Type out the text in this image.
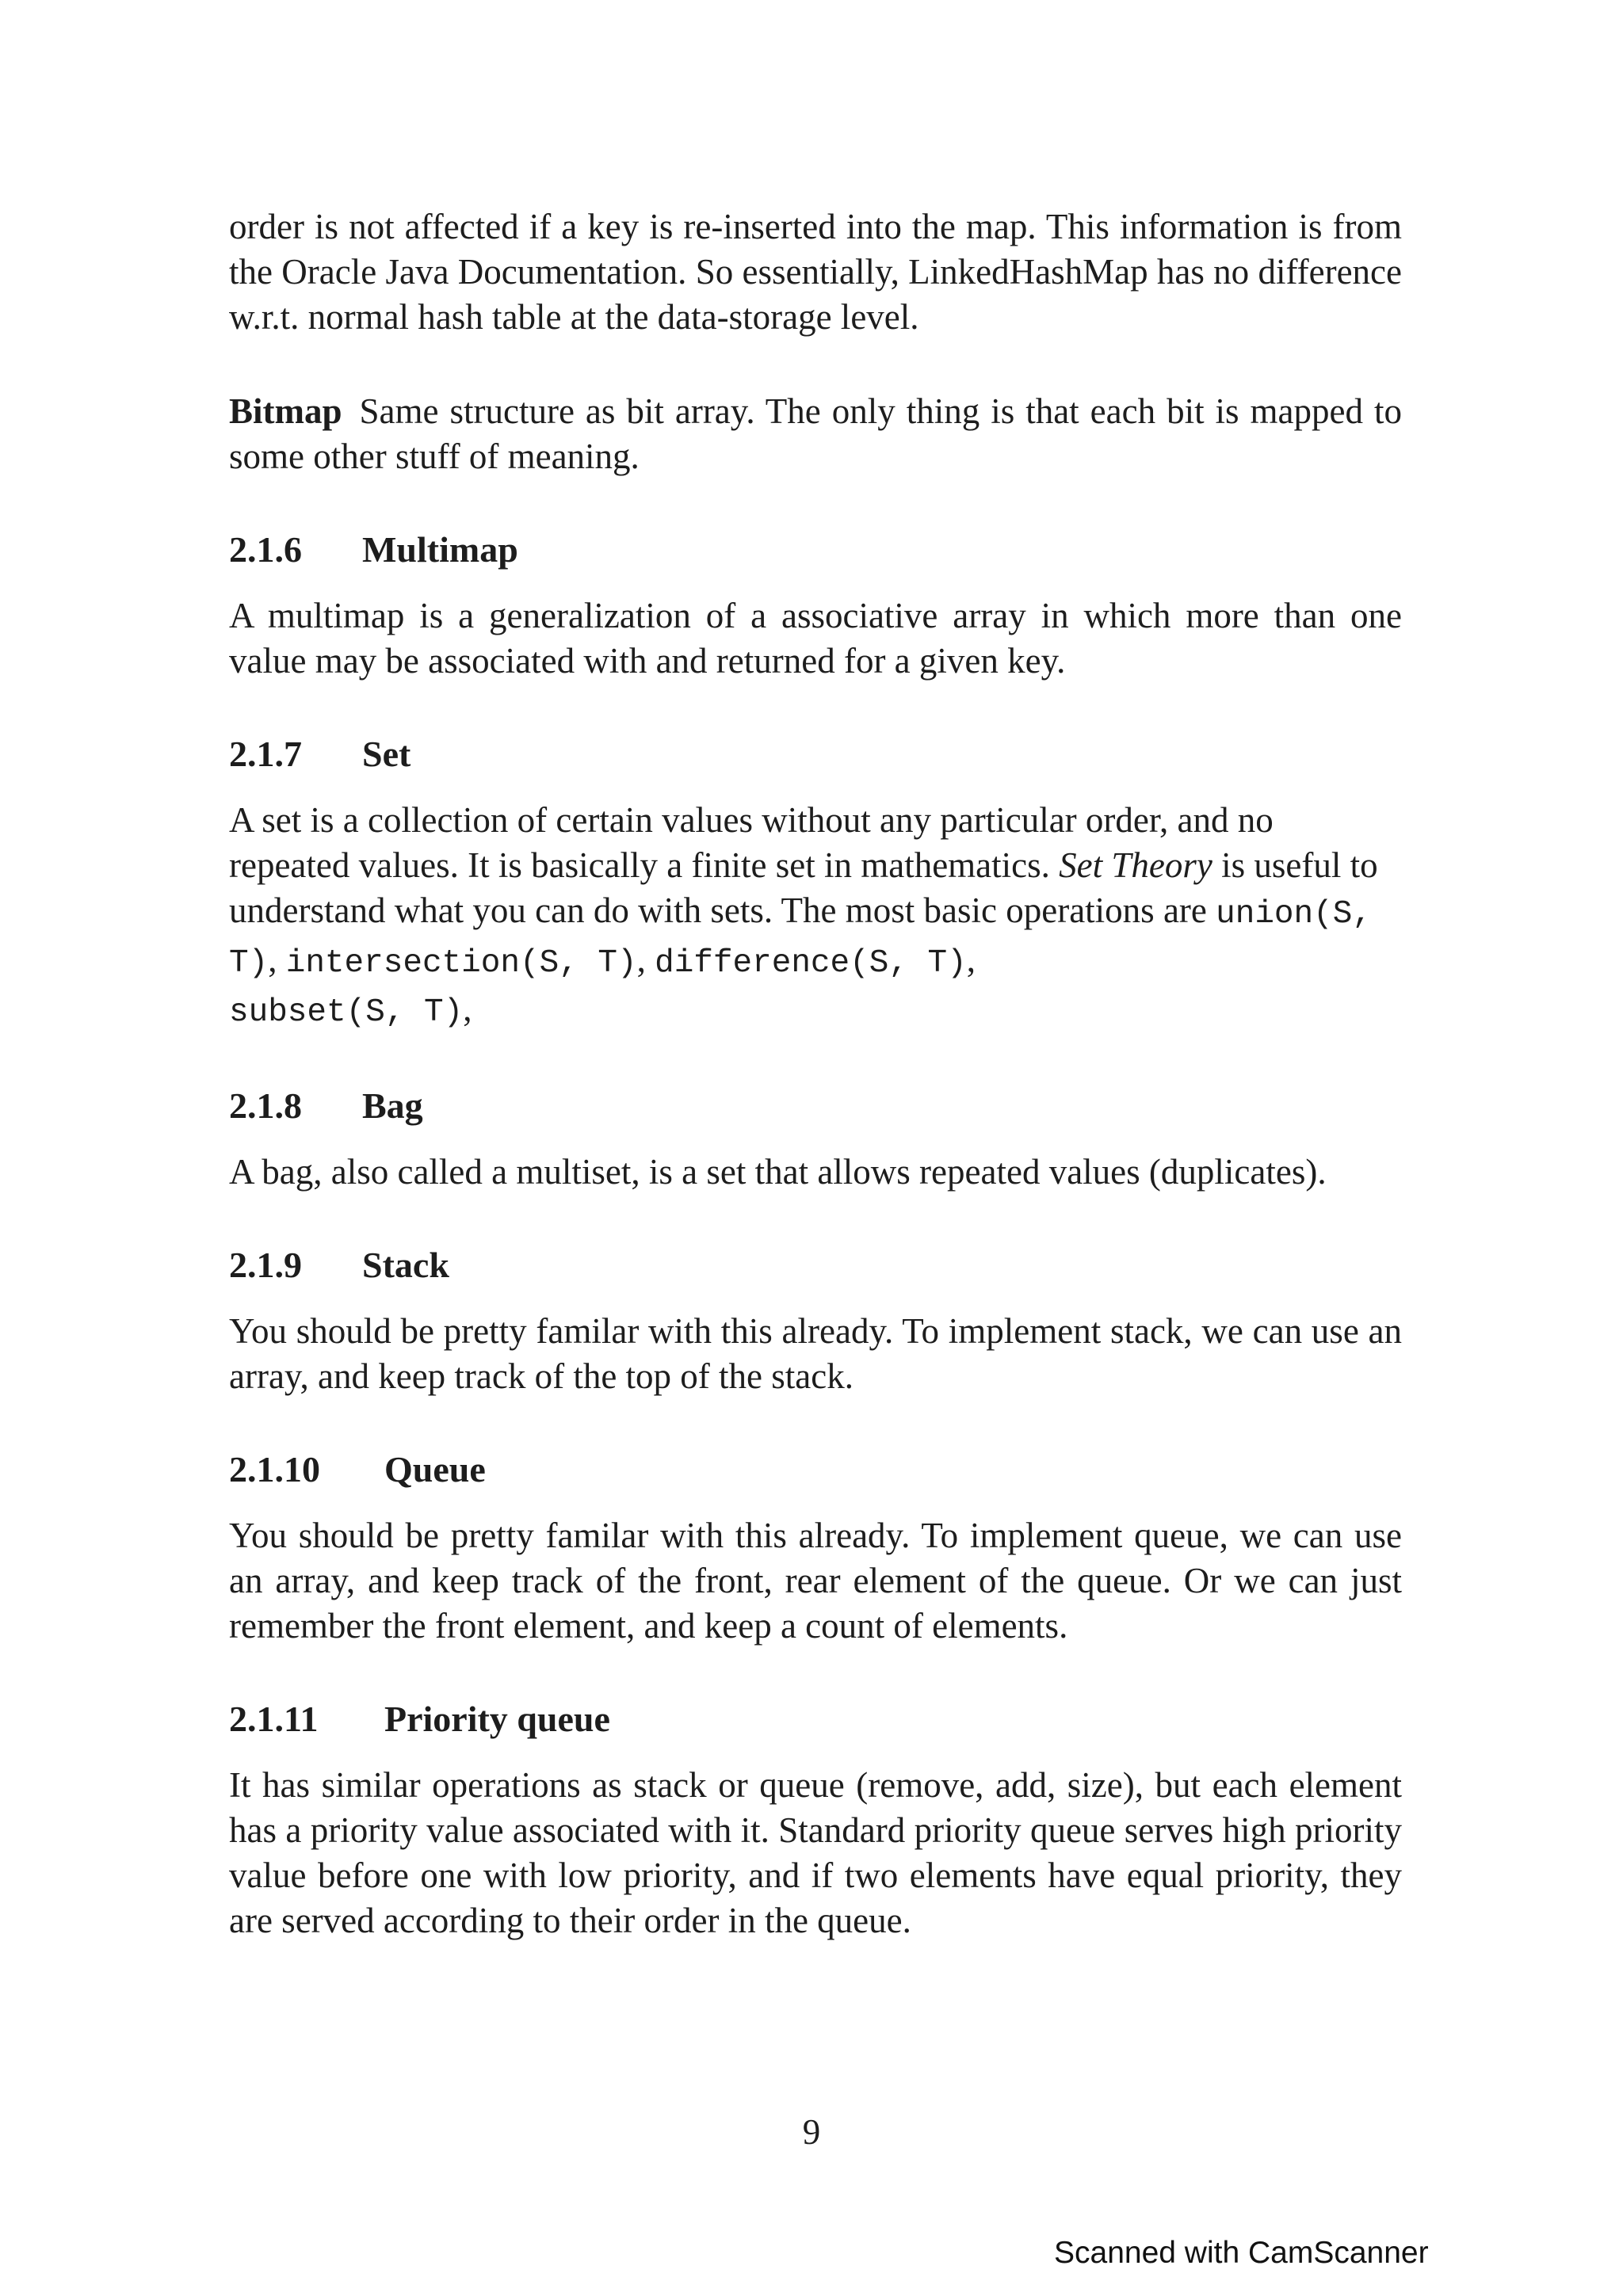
order is not affected if a key is re-inserted into the map. This information is from the Oracle Java Documentation. So essentially, LinkedHashMap has no difference w.r.t. normal hash table at the data-storage level.

Bitmap Same structure as bit array. The only thing is that each bit is mapped to some other stuff of meaning.

2.1.6 Multimap

A multimap is a generalization of a associative array in which more than one value may be associated with and returned for a given key.

2.1.7 Set

A set is a collection of certain values without any particular order, and no repeated values. It is basically a finite set in mathematics. Set Theory is useful to understand what you can do with sets. The most basic operations are union(S, T), intersection(S, T), difference(S, T),
subset(S, T),

2.1.8 Bag

A bag, also called a multiset, is a set that allows repeated values (duplicates).

2.1.9 Stack

You should be pretty familar with this already. To implement stack, we can use an array, and keep track of the top of the stack.

2.1.10 Queue

You should be pretty familar with this already. To implement queue, we can use an array, and keep track of the front, rear element of the queue. Or we can just remember the front element, and keep a count of elements.

2.1.11 Priority queue

It has similar operations as stack or queue (remove, add, size), but each element has a priority value associated with it. Standard priority queue serves high priority value before one with low priority, and if two elements have equal priority, they are served according to their order in the queue.

9
Scanned with CamScanner
